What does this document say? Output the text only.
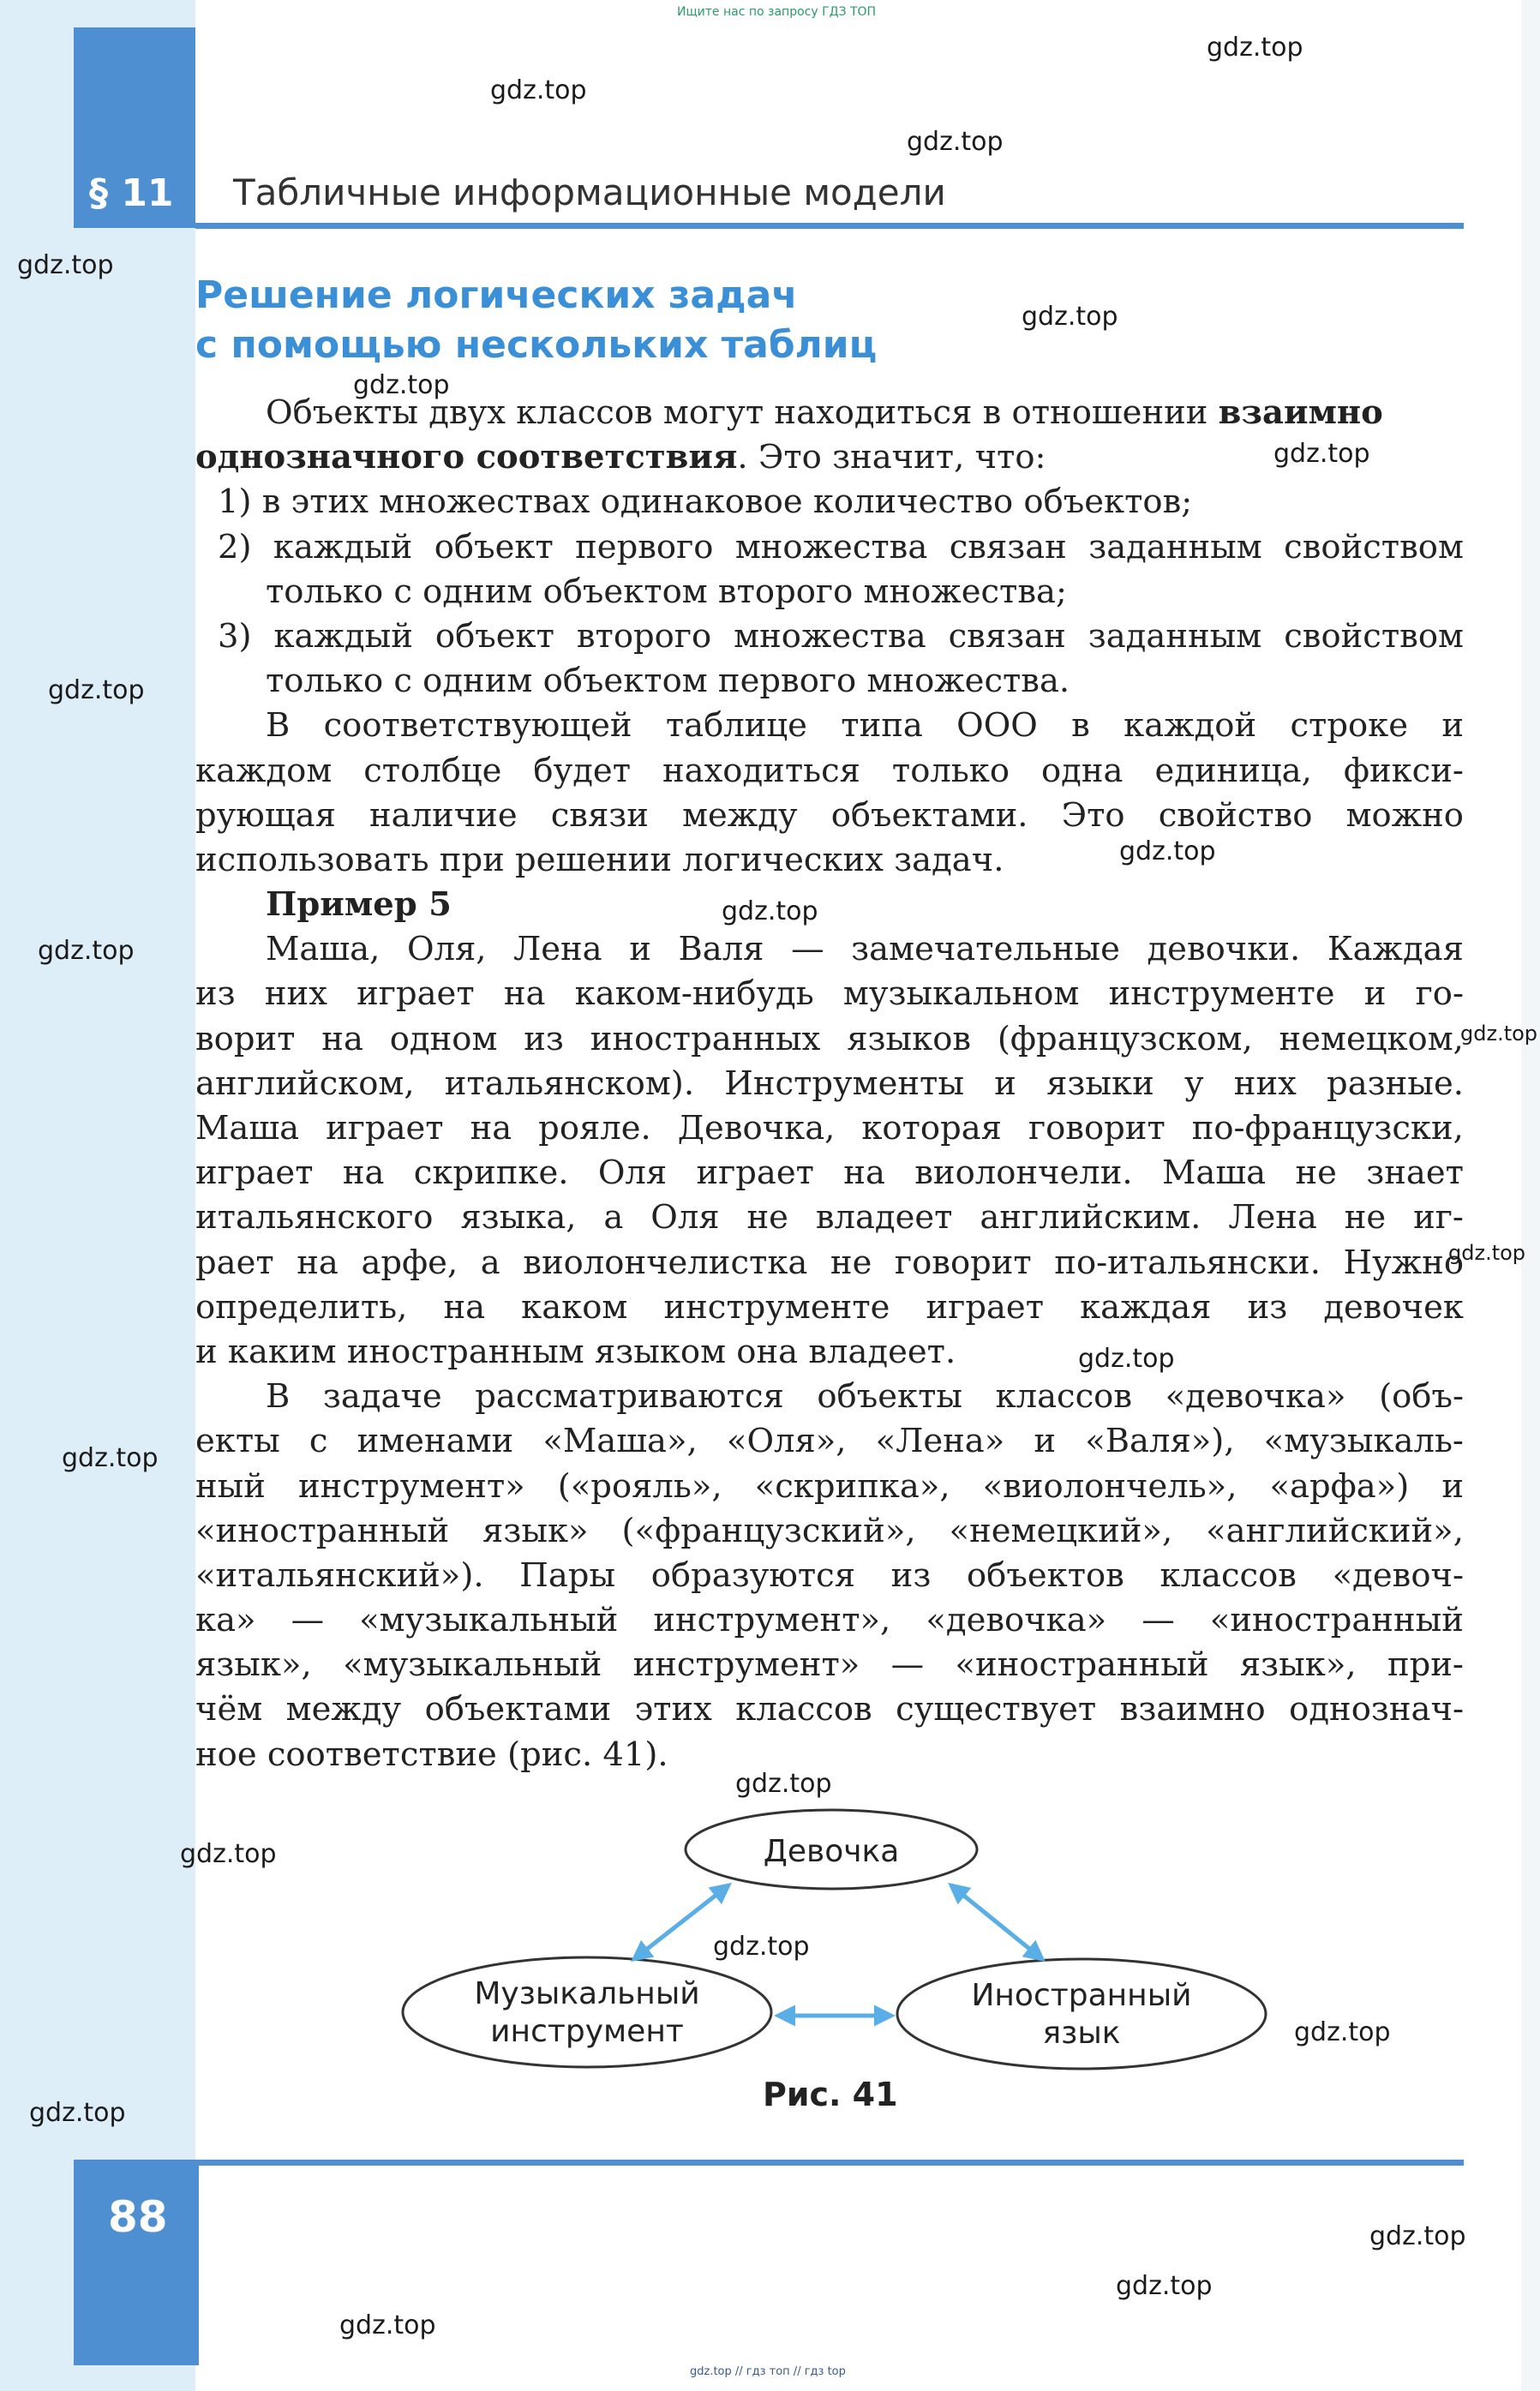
Ищите нас по запросу ГДЗ ТОП
§ 11 Табличные информационные модели
Решение логических задач
с помощью нескольких таблиц
Объекты двух классов могут находиться в отношении взаимно
однозначного соответствия . Это значит, что:
1) в этих множествах одинаковое количество объектов;
2) каждый объект первого множества связан заданным свойством
только с одним объектом второго множества;
3) каждый объект второго множества связан заданным свойством
только с одним объектом первого множества.
В соответствующей таблице типа ООО в каждой строке и
каждом столбце будет находиться только одна единица, фикси-
рующая наличие связи между объектами. Это свойство можно
использовать при решении логических задач.
Пример 5
Маша, Оля, Лена и Валя — замечательные девочки. Каждая
из них играет на каком-нибудь музыкальном инструменте и го-
ворит на одном из иностранных языков (французском, немецком,
английском, итальянском). Инструменты и языки у них разные.
Маша играет на рояле. Девочка, которая говорит по-французски,
играет на скрипке. Оля играет на виолончели. Маша не знает
итальянского языка, а Оля не владеет английским. Лена не иг-
рает на арфе, а виолончелистка не говорит по-итальянски. Нужно
определить, на каком инструменте играет каждая из девочек
и каким иностранным языком она владеет.
В задаче рассматриваются объекты классов «девочка» (объ-
екты с именами «Маша», «Оля», «Лена» и «Валя»), «музыкаль-
ный инструмент» («рояль», «скрипка», «виолончель», «арфа») и
«иностранный язык» («французский», «немецкий», «английский»,
«итальянский»). Пары образуются из объектов классов «девоч-
ка» — «музыкальный инструмент», «девочка» — «иностранный
язык», «музыкальный инструмент» — «иностранный язык», при-
чём между объектами этих классов существует взаимно однознач-
ное соответствие (рис. 41).
Девочка
Музыкальный
инструмент
Иностранный
язык
Рис. 41
88
gdz.top // гдз топ // гдз top
gdz.top
gdz.top
gdz.top
gdz.top
gdz.top
gdz.top
gdz.top
gdz.top
gdz.top
gdz.top
gdz.top
gdz.top
gdz.top
gdz.top
gdz.top
gdz.top
gdz.top
gdz.top
gdz.top
gdz.top
gdz.top
gdz.top
gdz.top
